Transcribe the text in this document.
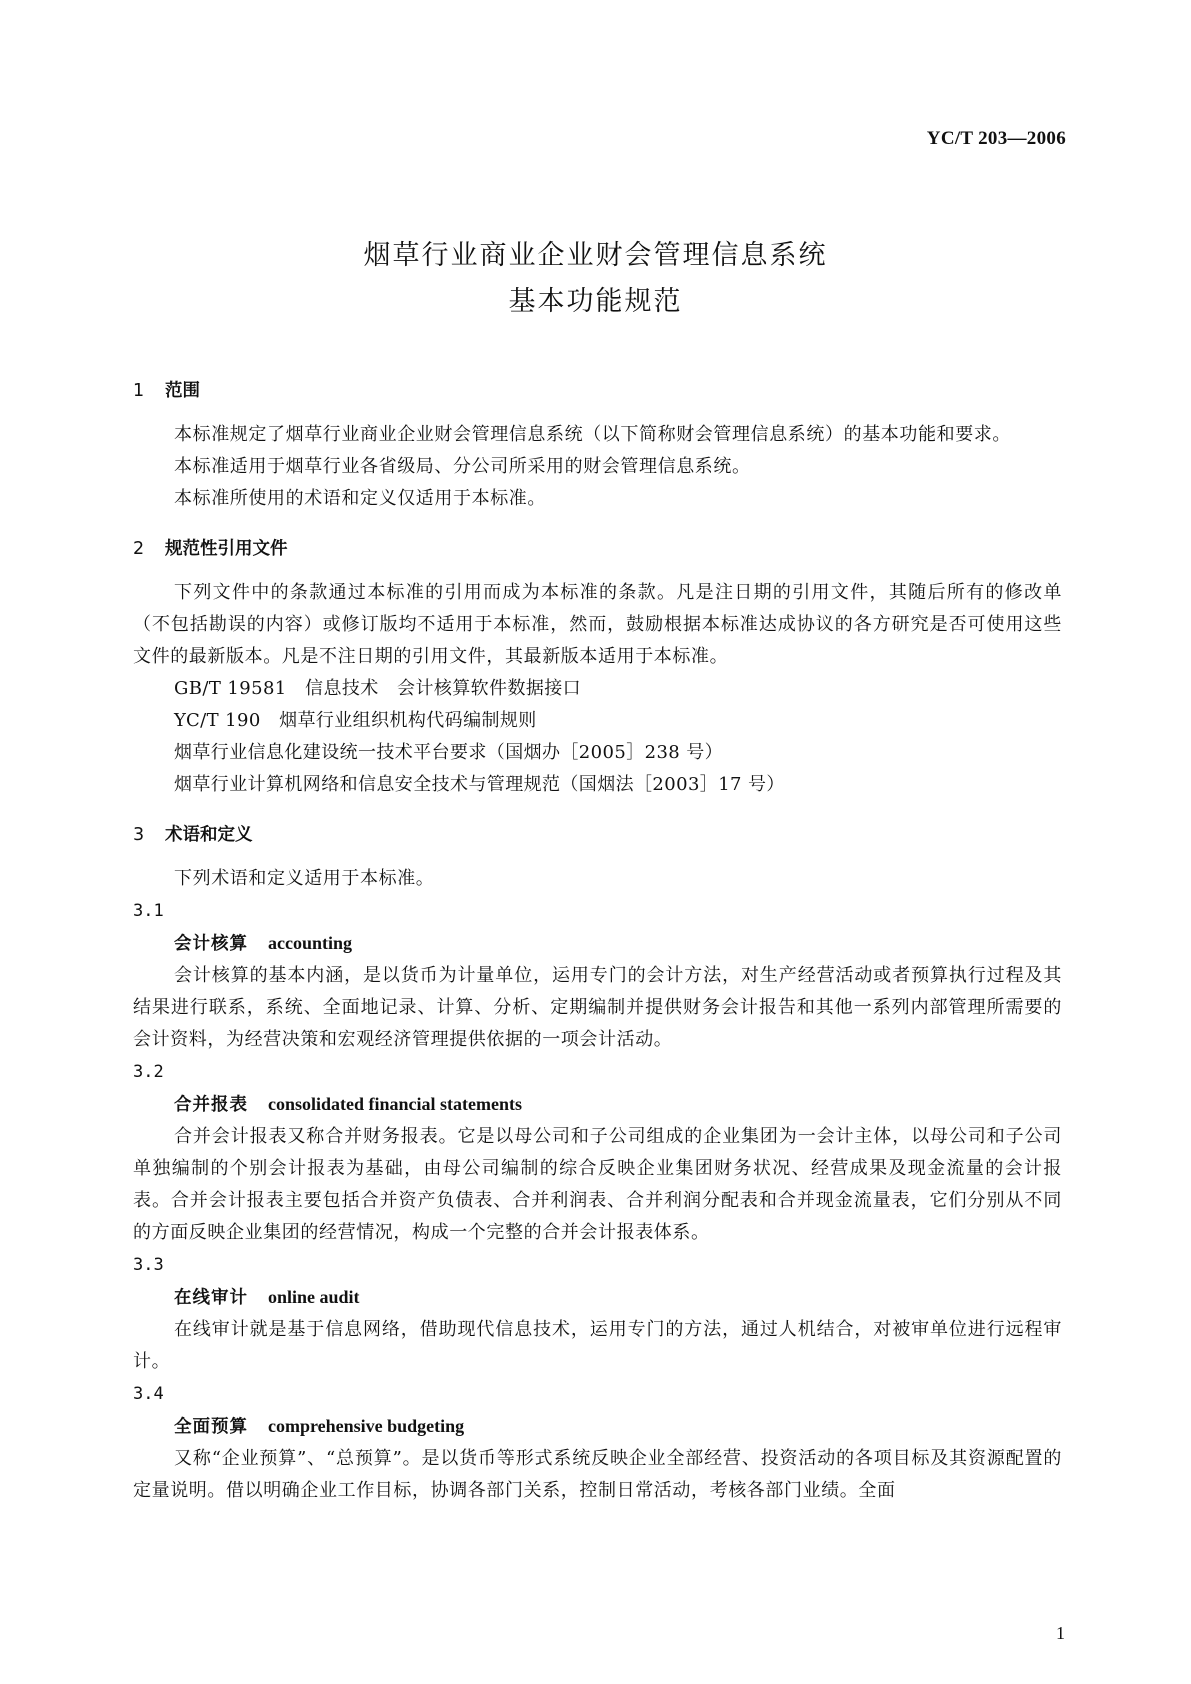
YC/T 203—2006
烟草行业商业企业财会管理信息系统
基本功能规范

1 范围

本标准规定了烟草行业商业企业财会管理信息系统（以下简称财会管理信息系统）的基本功能和要求。

本标准适用于烟草行业各省级局、分公司所采用的财会管理信息系统。

本标准所使用的术语和定义仅适用于本标准。

2 规范性引用文件

下列文件中的条款通过本标准的引用而成为本标准的条款。凡是注日期的引用文件，其随后所有的修改单（不包括勘误的内容）或修订版均不适用于本标准，然而，鼓励根据本标准达成协议的各方研究是否可使用这些文件的最新版本。凡是不注日期的引用文件，其最新版本适用于本标准。

GB/T 19581　信息技术　会计核算软件数据接口

YC/T 190　烟草行业组织机构代码编制规则

烟草行业信息化建设统一技术平台要求（国烟办［2005］238 号）

烟草行业计算机网络和信息安全技术与管理规范（国烟法［2003］17 号）

3 术语和定义

下列术语和定义适用于本标准。

3.1

会计核算 accounting

会计核算的基本内涵，是以货币为计量单位，运用专门的会计方法，对生产经营活动或者预算执行过程及其结果进行联系，系统、全面地记录、计算、分析、定期编制并提供财务会计报告和其他一系列内部管理所需要的会计资料，为经营决策和宏观经济管理提供依据的一项会计活动。

3.2

合并报表 consolidated financial statements

合并会计报表又称合并财务报表。它是以母公司和子公司组成的企业集团为一会计主体，以母公司和子公司单独编制的个别会计报表为基础，由母公司编制的综合反映企业集团财务状况、经营成果及现金流量的会计报表。合并会计报表主要包括合并资产负债表、合并利润表、合并利润分配表和合并现金流量表，它们分别从不同的方面反映企业集团的经营情况，构成一个完整的合并会计报表体系。

3.3

在线审计 online audit

在线审计就是基于信息网络，借助现代信息技术，运用专门的方法，通过人机结合，对被审单位进行远程审计。

3.4

全面预算 comprehensive budgeting

又称“企业预算”、“总预算”。是以货币等形式系统反映企业全部经营、投资活动的各项目标及其资源配置的定量说明。借以明确企业工作目标，协调各部门关系，控制日常活动，考核各部门业绩。全面

1
